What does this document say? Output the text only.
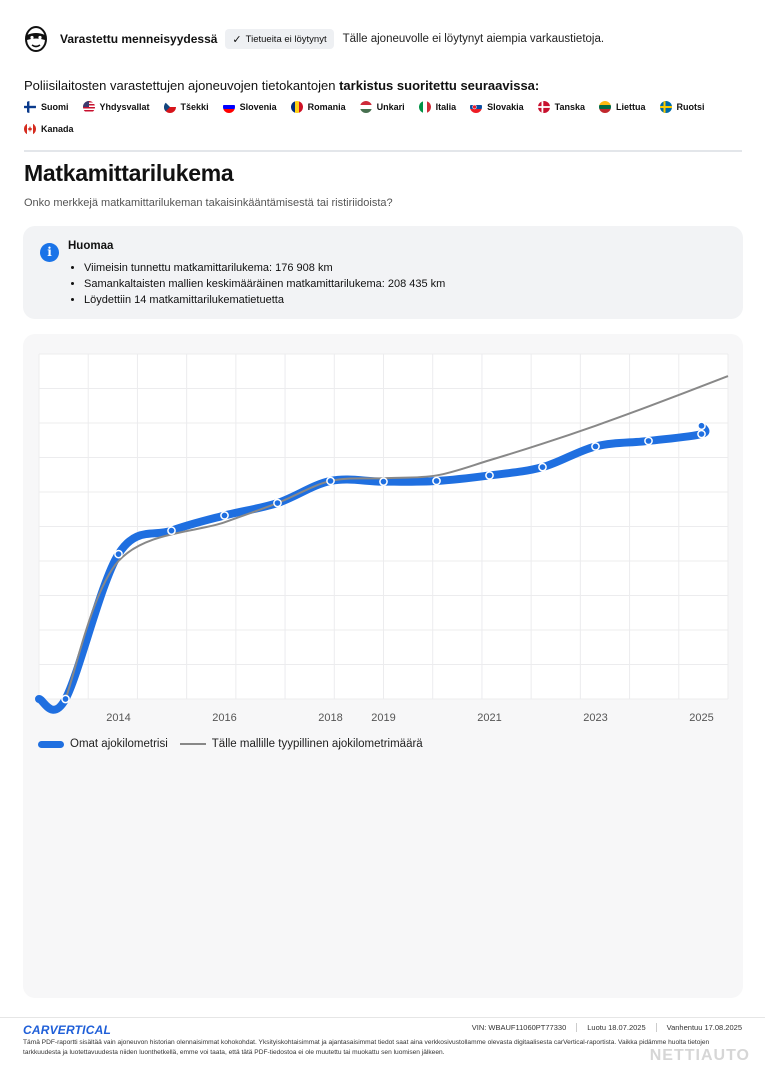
Varastettu menneisyydessä ✓ Tietueita ei löytynyt Tälle ajoneuvolle ei löytynyt aiempia varkaustietoja.
Poliisilaitosten varastettujen ajoneuvojen tietokantojen tarkistus suoritettu seuraavissa:
Suomi	Yhdysvallat	Tšekki	Slovenia	Romania	Unkari	Italia	Slovakia	Tanska	Liettua	Ruotsi
Kanada
Matkamittarilukema
Onko merkkejä matkamittarilukeman takaisinkääntämisestä tai ristiriidoista?
i	Huomaa
• Viimeisin tunnettu matkamittarilukema: 176 908 km
• Samankaltaisten mallien keskimääräinen matkamittarilukema: 208 435 km
• Löydettiin 14 matkamittarilukematietuetta
2014	2016	2018	2019	2021	2023	2025
Omat ajokilometrisi	Tälle mallille tyypillinen ajokilometrimäärä
CARVERTICAL	VIN: WBAUF11060PT77330	Luotu 18.07.2025	Vanhentuu 17.08.2025
Tämä PDF-raportti sisältää vain ajoneuvon historian olennaisimmat kohokohdat. Yksityiskohtaisimmat ja ajantasaisimmat tiedot saat aina verkkosivustollamme olevasta digitaalisesta carVertical-raportista. Vaikka pidämme huolta tietojen tarkkuudesta ja luotettavuudesta niiden luonthetkellä, emme voi taata, että tätä PDF-tiedostoa ei ole muutettu tai muokattu sen luomisen jälkeen.	NETTIAUTO
